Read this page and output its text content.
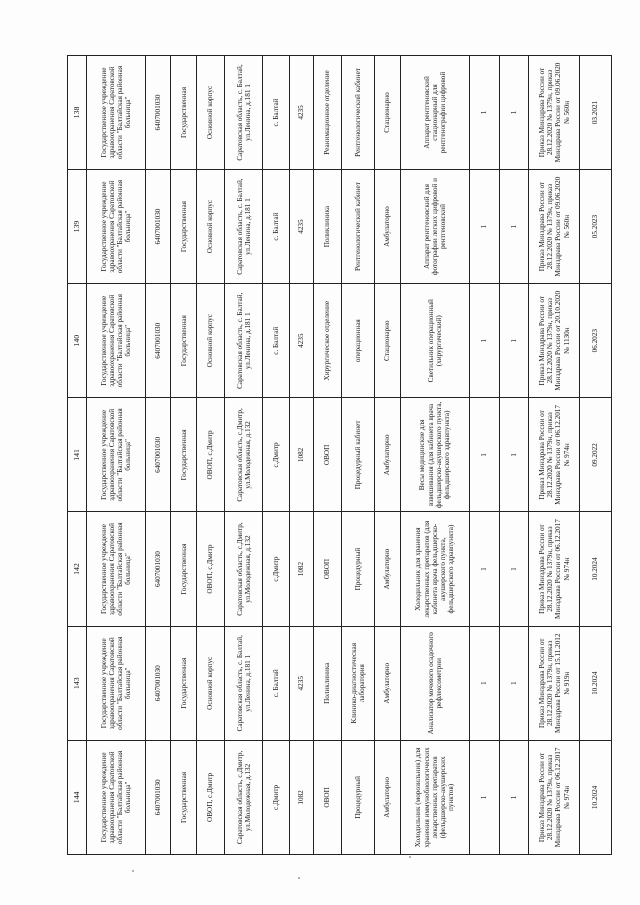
144	143	142	141	140	139	138
Государственное учреждение здравоохранения Саратовской области "Балтайская районная больница"	Государственное учреждение здравоохранения Саратовской области "Балтайская районная больница"	Государственное учреждение здравоохранения Саратовской области "Балтайская районная больница"	Государственное учреждение здравоохранения Саратовской области "Балтайская районная больница"	Государственное учреждение здравоохранения Саратовской области "Балтайская районная больница"	Государственное учреждение здравоохранения Саратовской области "Балтайская районная больница"	Государственное учреждение здравоохранения Саратовской области "Балтайская районная больница"
6407001030	6407001030	6407001030	6407001030	6407001030	6407001030	6407001030
Государственная	Государственная	Государственная	Государственная	Государственная	Государственная	Государственная
ОВОП, с.Дмитр	Основной корпус	ОВОП, с.Дмитр	ОВОП, с.Дмитр	Основной корпус	Основной корпус	Основной корпус
Саратовская область, с.Дмитр, ул.Молодежная, д.132	Саратовская область, с. Балтай, ул.Ленина, д.181 1	Саратовская область, с.Дмитр, ул.Молодежная, д.132	Саратовская область, с.Дмитр, ул.Молодежная, д.132	Саратовская область, с. Балтай, ул.Ленина, д.181 1	Саратовская область, с. Балтай, ул.Ленина, д.181 1	Саратовская область, с. Балтай, ул.Ленина, д.181 1
с.Дмитр	с. Балтай	с.Дмитр	с.Дмитр	с. Балтай	с. Балтай	с. Балтай
1082	4235	1082	1082	4235	4235	4235
ОВОП	Поликлиника	ОВОП	ОВОП	Хирургическое отделение	Поликлиника	Реанимационное отделение
Процедурный	Клинико-диагностическая лаборатория	Процедурный	Процедурный кабинет	операционная	Рентгенологический кабинет	Рентгенологический кабинет
Амбулаторно	Амбулаторно	Амбулаторно	Амбулаторно	Стационарно	Амбулаторно	Стационарно
Холодильник (морозильник) для хранения иммунобиологических лекарственных препаратов (фельдшерско-акушерских пунктов)	Анализатор мочевого осадочного рефлексометрии	Холодильник для хранения лекарственных препаратов (для кабинета врача фельдшерско-акушерского пункта, фельдшерского здравпункта)	Весы медицинские для взвешивания (для кабинета врача фельдшерско-акушерского пункта, фельдшерского здравпункта)	Светильник операционный (хирургический)	Аппарат рентгеновский для фотографии легких цифровой и рентгеновский	Аппарат рентгеновский стационарный для рентгенографии цифровой
1	1	1	1	1	1	1
1	1	1	1	1	1	1
Приказ Минздрава России от 28.12.2020 № 1379н, приказ Минздрава России от 06.12.2017 № 974н	Приказ Минздрава России от 28.12.2020 № 1379н, приказ Минздрава России от 15.11.2012 № 919н	Приказ Минздрава России от 28.12.2020 № 1379н, приказ Минздрава России от 06.12.2017 № 974н	Приказ Минздрава России от 28.12.2020 № 1379н, приказ Минздрава России от 06.12.2017 № 974н	Приказ Минздрава России от 28.12.2020 № 1379н, приказ Минздрава России от 20.10.2020 № 1130н	Приказ Минздрава России от 28.12.2020 № 1379н, приказ Минздрава России от 09.06.2020 № 560н	Приказ Минздрава России от 28.12.2020 № 1379н, приказ Минздрава России от 09.06.2020 № 560н
10.2024	10.2024	10.2024	09.2022	06.2023	05.2023	03.2021
